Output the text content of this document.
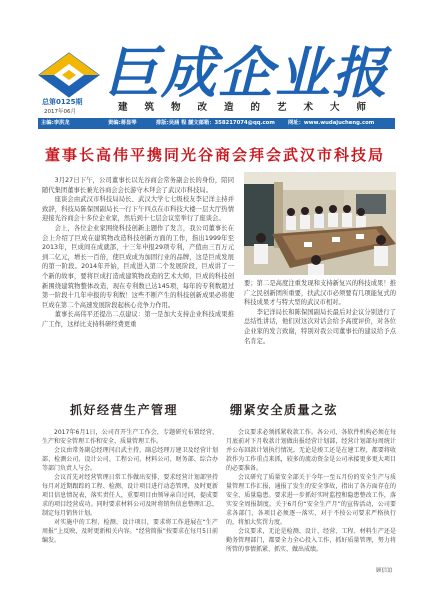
巨成企业报
总第0125期
2017年06月	建筑物改造的艺术大师
主编:李洪龙	责编:蒋显琴	排版:吴涵 程 辰
征文邮箱：358217074@qq.com 网址：www.wudajucheng.com
董事长高伟平携同光谷商会拜会武汉市科技局

3月27日下午，公司董事长以光谷商会常务副会长的身份，陪同随代集团董事长兼光谷商会会长游守木拜会了武汉市科技局。

座谈会由武汉市科技局局长、武汉大学七七级校友李记洋主持并致辞，科技局陈保国副局长一行下午四点在市科技大楼一层大厅热情迎接光谷商会十多位企业家，然后到十七层会议室举行了座谈会。

会上，各位企业家围绕科技创新主题作了发言，我公司董事长在会上介绍了巨成在建筑物改造科技创新方面的工作，指出1999年至2013年，巨成间在成就部，十三年申报29项专利，产值由三百万元到二亿元，增长一百倍，使巨成成为加固行业的品牌，这是巨成发展的第一阶段。2014年开始，巨成进入第二个发展阶段，巨成讲了一个新的故事，要将巨成打造成建筑物改造的艺术大师，巨成的科技创新围绕建筑物整体改造，现在专利数已达145项，每年的专利数超过第一阶段十几年申报的专利数！这些不断产生的科技创新成果必将使巨成在第二个高速发展阶段起核心竞争力作用。

董事长高伟平还提出二点建议：第一是加大支持企业科技成果推广工作，这样比支持科研经费更重

要；第二是高度注重发现和支持新复兴的科技成果！推广之民创新团所重要，扶武汉市必须要有几项能复式的科技成果才与特大型的武汉市相对。

李记洋局长和陈保国副局长最后对企议分别进行了总结性讲话，他们对这次对话会给予高度评价，对各位企业家的发言致谢，特别对我公司董事长的建议给予点名肯定。

抓好经营生产管理	绷紧安全质量之弦

2017年6月1日，公司召开生产工作会，专题研究布置经营、生产和安全管理工作和安全、质量管理工作。

会议由常务副总经理闫启武主持，副总经理万建卫及经营计划部、检测公司、设计公司、工程公司、材料公司、财务部、综合办等部门负责人与会。

会议首先对经营管理日常工作做出安排，要求经营计划部坚持每月对近期跟踪的工程、检测、设计项目进行动态管理，及时更新项目信息情况表，落实责任人，重要项目由领导亲自过问，提成要求的项目经营成功。同时要求材料公司及时将销售信息整理汇总，制定每月销售计划。

对实施中的工程、检测、设计项目，要求将工作进展在“生产周报”上反映，及时更新相关内容。“经营简报”按要求在每月5日前编发。

会议要求必须抓紧收款工作。各公司、各软件机构必须在每月底前对下月收款计划做出报经营计划部，经营计划部每周统计并公布回款计划执行情况。无论是竣工还是在建工程，都要将收款作为工作重点来抓，较多的流动资金是公司承接更多更大项目的必要准备。

会议研究了质量安全部关于今年一至五月份的安全生产与质量管理工作汇报，通报了发生的安全事故，指出了各方面存在的安全、质量隐患。要求进一步抓好实时监控和隐患整改工作，落实安全周报制度。关于6月份“安全生产月”的宣传活动，公司要求各部门、各项目必须逐一落实，对于不按公司要求严格执行的，将加大奖罚力度。

会议要求，无论是检测、设计、经营、工程、材料生产还是勤务管理部门，都要全力全心投入工作，抓好质量管理，努力将所管的事情抓紧、抓实、做出成绩。

顾信谊
